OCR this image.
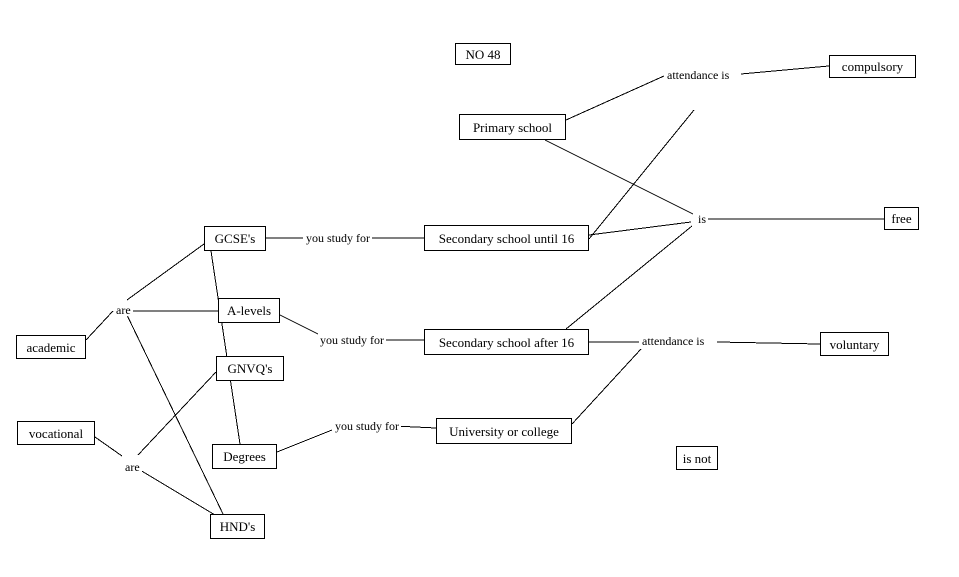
NO 48
compulsory
Primary school
GCSE's	Secondary school until 16
free
A-levels
academic
GNVQ's
Secondary school after 16	voluntary
vocational
Degrees
University or college
is not
HND's
attendance is
is
you study for
are
you study for	attendance is
you study for
are
